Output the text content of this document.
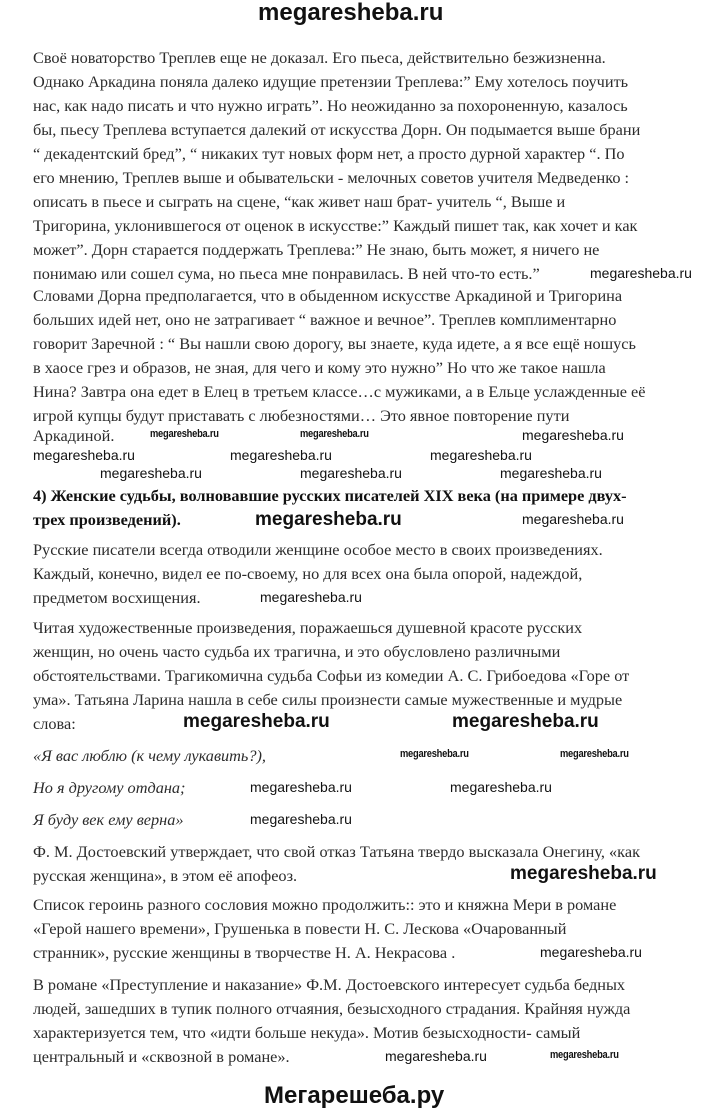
megaresheba.ru
Своё новаторство Треплев еще не доказал. Его пьеса, действительно безжизненна.
Однако Аркадина поняла далеко идущие претензии Треплева:” Ему хотелось поучить
нас, как надо писать и что нужно играть”. Но неожиданно за похороненную, казалось
бы, пьесу Треплева вступается далекий от искусства Дорн. Он подымается выше брани
“ декадентский бред”, “ никаких тут новых форм нет, а просто дурной характер “. По
его мнению, Треплев выше и обывательски - мелочных советов учителя Медведенко :
описать в пьесе и сыграть на сцене, “как живет наш брат- учитель “, Выше и
Тригорина, уклонившегося от оценок в искусстве:” Каждый пишет так, как хочет и как
может”. Дорн старается поддержать Треплева:” Не знаю, быть может, я ничего не
понимаю или сошел сума, но пьеса мне понравилась. В ней что-то есть.”
Словами Дорна предполагается, что в обыденном искусстве Аркадиной и Тригорина
больших идей нет, оно не затрагивает “ важное и вечное”. Треплев комплиментарно
говорит Заречной : “ Вы нашли свою дорогу, вы знаете, куда идете, а я все ещё ношусь
в хаосе грез и образов, не зная, для чего и кому это нужно” Но что же такое нашла
Нина? Завтра она едет в Елец в третьем классе…с мужиками, а в Ельце услажденные её
игрой купцы будут приставать с любезностями… Это явное повторение пути
Аркадиной.
4) Женские судьбы, волновавшие русских писателей XIX века (на примере двух-
трех произведений).
Русские писатели всегда отводили женщине особое место в своих произведениях.
Каждый, конечно, видел ее по-своему, но для всех она была опорой, надеждой,
предметом восхищения.
Читая художественные произведения, поражаешься душевной красоте русских
женщин, но очень часто судьба их трагична, и это обусловлено различными
обстоятельствами. Трагикомична судьба Софьи из комедии А. С. Грибоедова «Горе от
ума». Татьяна Ларина нашла в себе силы произнести самые мужественные и мудрые
слова:
«Я вас люблю (к чему лукавить?),
Но я другому отдана;
Я буду век ему верна»
Ф. М. Достоевский утверждает, что свой отказ Татьяна твердо высказала Онегину, «как
русская женщина», в этом её апофеоз.
Список героинь разного сословия можно продолжить:: это и княжна Мери в романе
«Герой нашего времени», Грушенька в повести Н. С. Лескова «Очарованный
странник», русские женщины в творчестве Н. А. Некрасова .
В романе «Преступление и наказание» Ф.М. Достоевского интересует судьба бедных
людей, зашедших в тупик полного отчаяния, безысходного страдания. Крайняя нужда
характеризуется тем, что «идти больше некуда». Мотив безысходности- самый
центральный и «сквозной в романе».
megaresheba.ru
megaresheba.ru	megaresheba.ru	megaresheba.ru
megaresheba.ru	megaresheba.ru	megaresheba.ru
megaresheba.ru	megaresheba.ru	megaresheba.ru
megaresheba.ru	megaresheba.ru
megaresheba.ru
megaresheba.ru	megaresheba.ru
megaresheba.ru	megaresheba.ru
megaresheba.ru	megaresheba.ru
megaresheba.ru
megaresheba.ru
megaresheba.ru
megaresheba.ru	megaresheba.ru
Мегарешеба.ру
